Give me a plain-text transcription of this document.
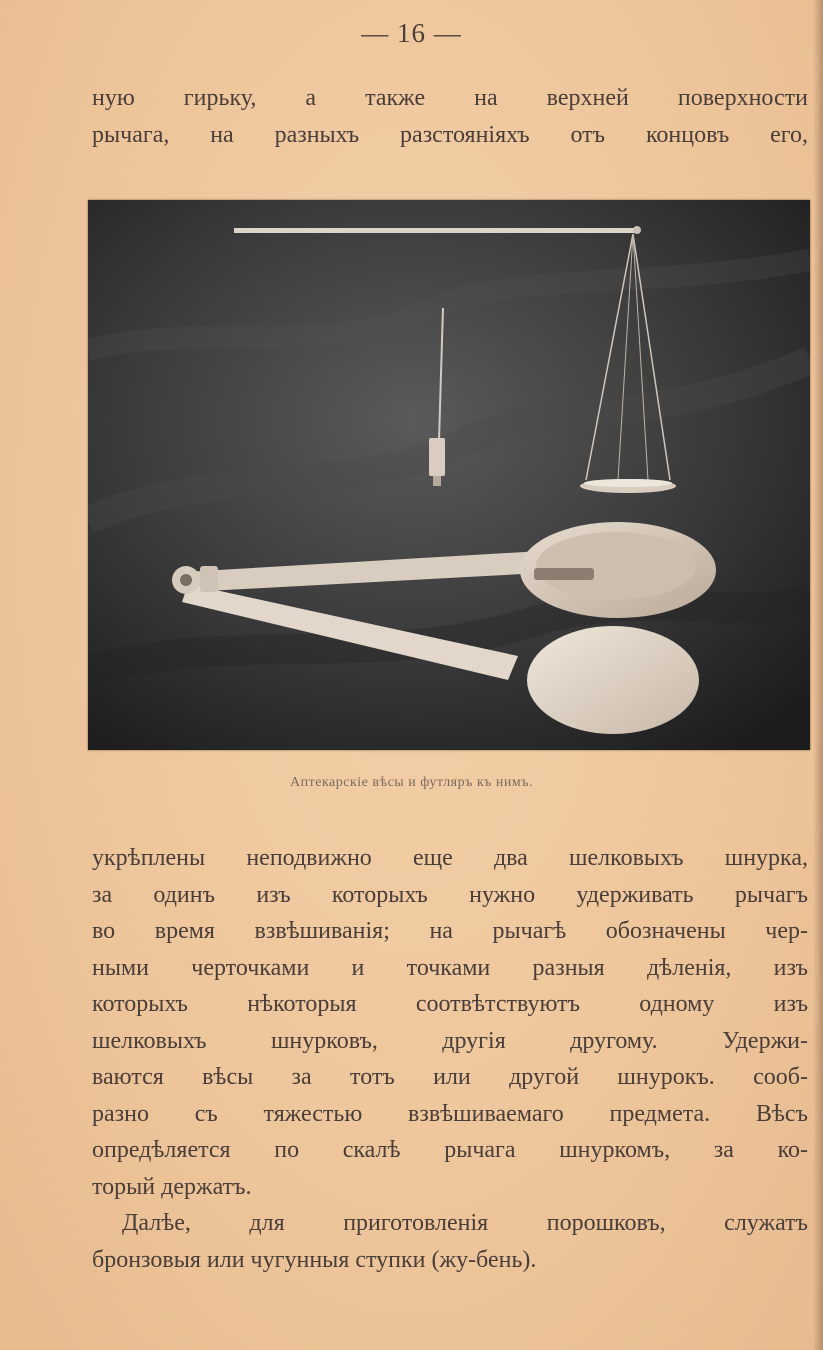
— 16 —
ную гирьку, а также на верхней поверхности
рычага, на разныхъ разстоянiяхъ отъ концовъ его,
Аптекарскiе вѣсы и футляръ къ нимъ.
укрѣплены неподвижно еще два шелковыхъ шнурка,
за одинъ изъ которыхъ нужно удерживать рычагъ
во время взвѣшиванiя; на рычагѣ обозначены чер-
ными черточками и точками разныя дѣленiя, изъ
которыхъ нѣкоторыя соотвѣтствуютъ одному изъ
шелковыхъ шнурковъ, другiя другому. Удержи-
ваются вѣсы за тотъ или другой шнурокъ. сооб-
разно съ тяжестью взвѣшиваемаго предмета. Вѣсъ
опредѣляется по скалѣ рычага шнуркомъ, за ко-
торый держатъ.
Далѣе, для приготовленiя порошковъ, служатъ
бронзовыя или чугунныя ступки (жу-бень).
